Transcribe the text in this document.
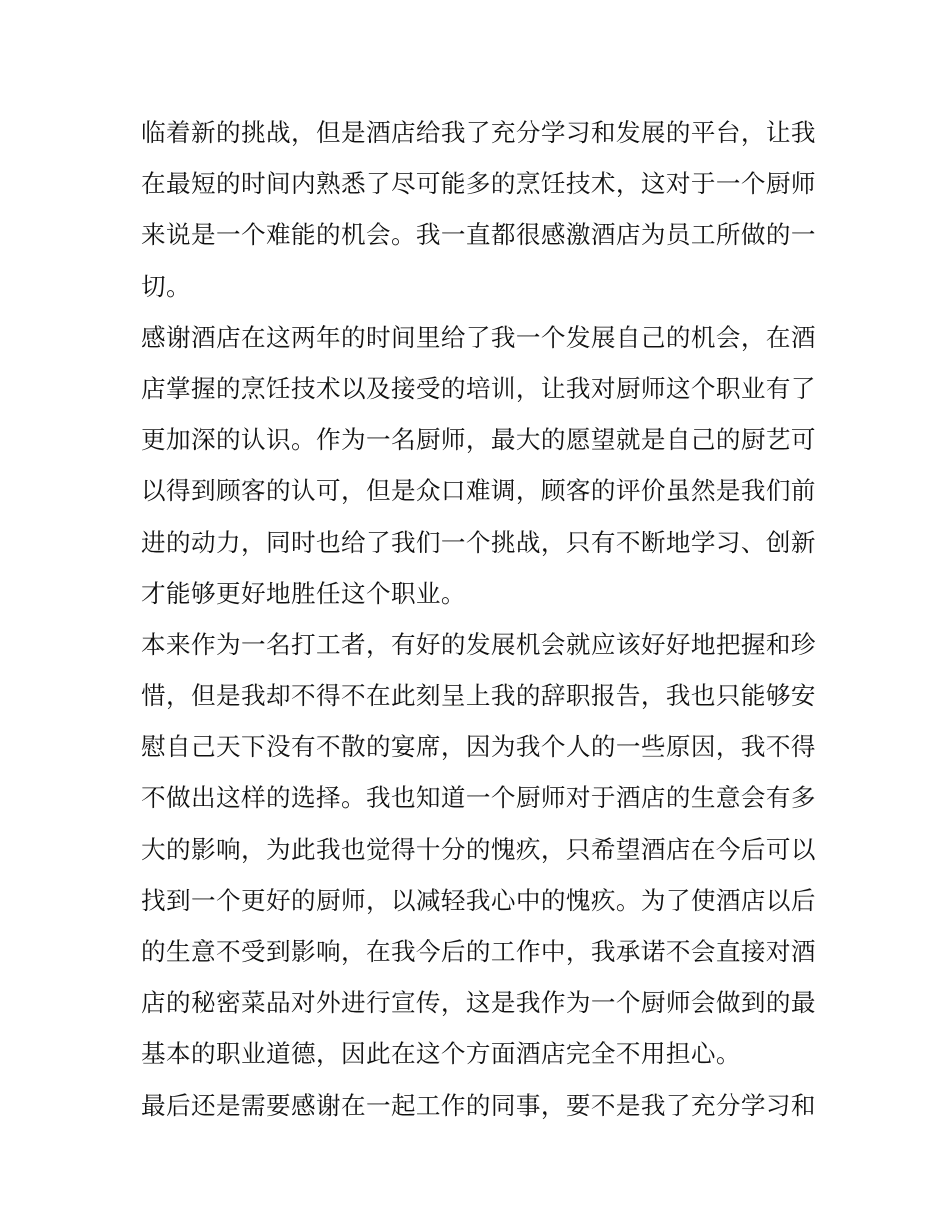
临着新的挑战，但是酒店给我了充分学习和发展的平台，让我
在最短的时间内熟悉了尽可能多的烹饪技术，这对于一个厨师
来说是一个难能的机会。我一直都很感激酒店为员工所做的一
切。
感谢酒店在这两年的时间里给了我一个发展自己的机会，在酒
店掌握的烹饪技术以及接受的培训，让我对厨师这个职业有了
更加深的认识。作为一名厨师，最大的愿望就是自己的厨艺可
以得到顾客的认可，但是众口难调，顾客的评价虽然是我们前
进的动力，同时也给了我们一个挑战，只有不断地学习、创新
才能够更好地胜任这个职业。
本来作为一名打工者，有好的发展机会就应该好好地把握和珍
惜，但是我却不得不在此刻呈上我的辞职报告，我也只能够安
慰自己天下没有不散的宴席，因为我个人的一些原因，我不得
不做出这样的选择。我也知道一个厨师对于酒店的生意会有多
大的影响，为此我也觉得十分的愧疚，只希望酒店在今后可以
找到一个更好的厨师，以减轻我心中的愧疚。为了使酒店以后
的生意不受到影响，在我今后的工作中，我承诺不会直接对酒
店的秘密菜品对外进行宣传，这是我作为一个厨师会做到的最
基本的职业道德，因此在这个方面酒店完全不用担心。
最后还是需要感谢在一起工作的同事，要不是我了充分学习和
